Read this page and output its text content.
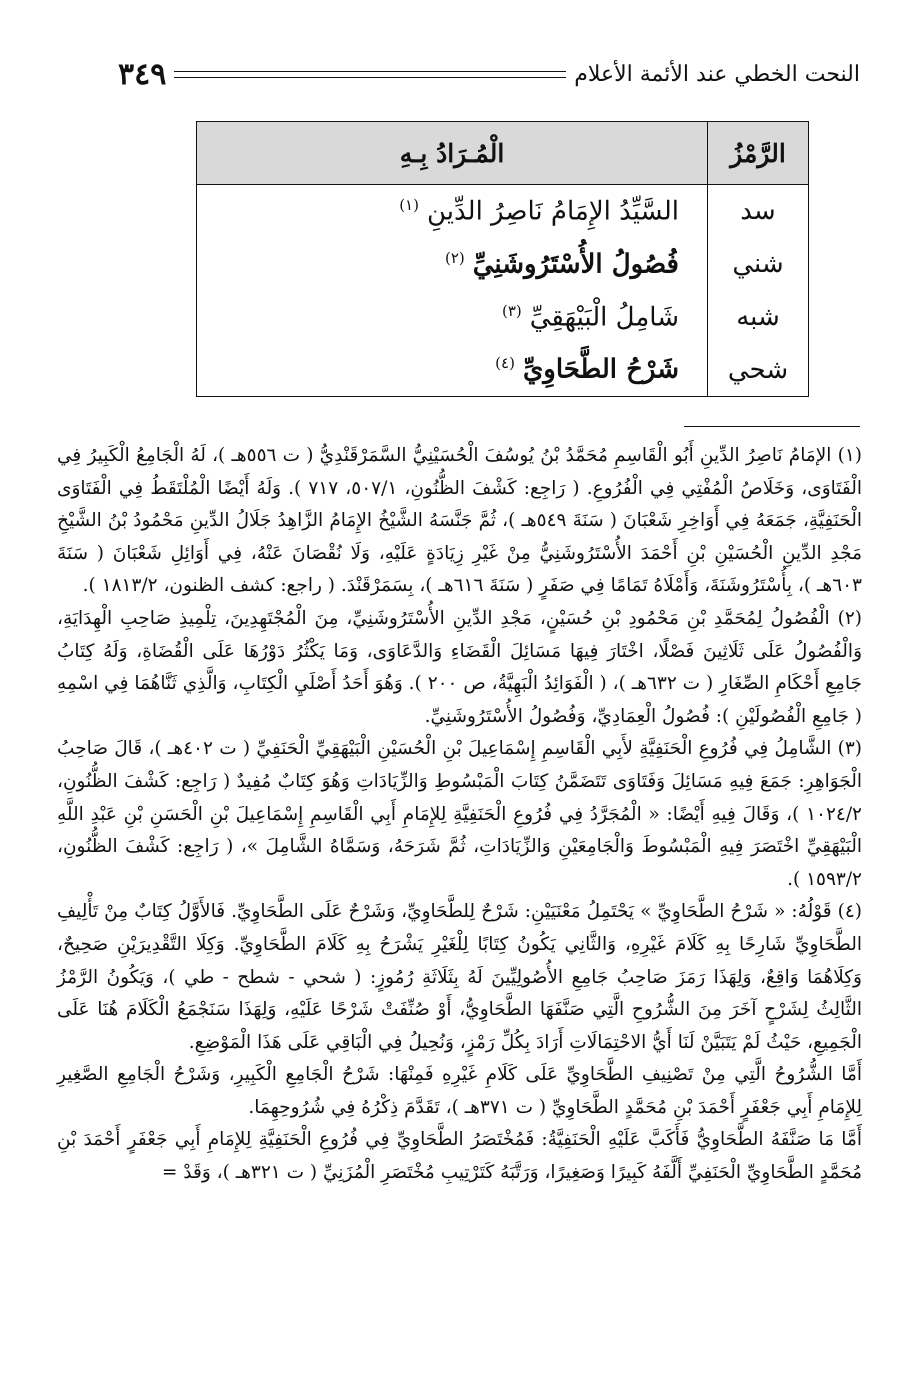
النحت الخطي عند الأئمة الأعلام
٣٤٩
الرَّمْزُ	الْمُـرَادُ بِـهِ
سد	السَّيِّدُ الإِمَامُ نَاصِرُ الدِّينِ$^{(١)}$
شني	فُصُولُ الأُسْتَرُوشَنِيِّ$^{(٢)}$
شبه	شَامِلُ الْبَيْهَقِيِّ$^{(٣)}$
شحي	شَرْحُ الطَّحَاوِيِّ$^{(٤)}$

(١) الإمَامُ نَاصِرُ الدِّينِ أَبُو الْقَاسِمِ مُحَمَّدُ بْنُ يُوسُفَ الْحُسَيْنِيُّ السَّمَرْقَنْدِيُّ ( ت ٥٥٦هـ )، لَهُ الْجَامِعُ الْكَبِيرُ فِي الْفَتَاوَى، وَخَلَاصُ الْمُفْتِي فِي الْفُرُوعِ. ( رَاجِع: كَشْفَ الظُّنُونِ، ٥٠٧/١، ٧١٧ ). وَلَهُ أَيْضًا الْمُلْتَقَطُ فِي الْفَتَاوَى الْحَنَفِيَّةِ، جَمَعَهُ فِي أَوَاخِرِ شَعْبَانَ ( سَنَةَ ٥٤٩هـ )، ثُمَّ جَنَّسَهُ الشَّيْخُ الإِمَامُ الزَّاهِدُ جَلَالُ الدِّينِ مَحْمُودُ بْنُ الشَّيْخِ مَجْدِ الدِّينِ الْحُسَيْنِ بْنِ أَحْمَدَ الأُسْتَرُوشَنِيُّ مِنْ غَيْرِ زِيَادَةٍ عَلَيْهِ، وَلَا نُقْصَانَ عَنْهُ، فِي أَوَائِلِ شَعْبَانَ ( سَنَةَ ٦٠٣هـ )، بِأُسْتَرُوشَنَةَ، وَأَمْلَاهُ تَمَامًا فِي صَفَرٍ ( سَنَةَ ٦١٦هـ )، بِسَمَرْقَنْدَ. ( راجع: كشف الظنون، ١٨١٣/٢ ).

(٢) الْفُصُولُ لِمُحَمَّدِ بْنِ مَحْمُودِ بْنِ حُسَيْنٍ، مَجْدِ الدِّينِ الأُسْتَرُوشَنِيِّ، مِنَ الْمُجْتَهِدِينَ، تِلْمِيذِ صَاحِبِ الْهِدَايَةِ، وَالْفُصُولُ عَلَى ثَلَاثِينَ فَصْلًا، اخْتَارَ فِيهَا مَسَائِلَ الْقَضَاءِ وَالدَّعَاوَى، وَمَا يَكْثُرُ دَوْرُهَا عَلَى الْقُضَاةِ، وَلَهُ كِتَابُ جَامِعِ أَحْكَامِ الصِّغَارِ ( ت ٦٣٢هـ )، ( الْفَوَائِدُ الْبَهِيَّةُ، ص ٢٠٠ ). وَهُوَ أَحَدُ أَصْلَيِ الْكِتَابِ، وَالَّذِي ثَنَّاهُمَا فِي اسْمِهِ ( جَامِعِ الْفُصُولَيْنِ ): فُصُولُ الْعِمَادِيِّ، وَفُصُولُ الأُسْتَرُوشَنِيِّ.

(٣) الشَّامِلُ فِي فُرُوعِ الْحَنَفِيَّةِ لأَبِي الْقَاسِمِ إِسْمَاعِيلَ بْنِ الْحُسَيْنِ الْبَيْهَقِيِّ الْحَنَفِيِّ ( ت ٤٠٢هـ )، قَالَ صَاحِبُ الْجَوَاهِرِ: جَمَعَ فِيهِ مَسَائِلَ وَفَتَاوَى تَتَضَمَّنُ كِتَابَ الْمَبْسُوطِ وَالزِّيَادَاتِ وَهُوَ كِتَابٌ مُفِيدٌ ( رَاجِع: كَشْفَ الظُّنُونِ، ١٠٢٤/٢ )، وَقَالَ فِيهِ أَيْضًا: « الْمُجَرَّدُ فِي فُرُوعِ الْحَنَفِيَّةِ لِلإِمَامِ أَبِي الْقَاسِمِ إِسْمَاعِيلَ بْنِ الْحَسَنِ بْنِ عَبْدِ اللَّهِ الْبَيْهَقِيِّ اخْتَصَرَ فِيهِ الْمَبْسُوطَ وَالْجَامِعَيْنِ وَالزِّيَادَاتِ، ثُمَّ شَرَحَهُ، وَسَمَّاهُ الشَّامِلَ »، ( رَاجِع: كَشْفَ الظُّنُونِ، ١٥٩٣/٢ ).

(٤) قَوْلُهُ: « شَرْحُ الطَّحَاوِيِّ » يَحْتَمِلُ مَعْنَيَيْنِ: شَرْحٌ لِلطَّحَاوِيِّ، وَشَرْحٌ عَلَى الطَّحَاوِيِّ. فَالأَوَّلُ كِتَابٌ مِنْ تَأْلِيفِ الطَّحَاوِيِّ شَارِحًا بِهِ كَلَامَ غَيْرِهِ، وَالثَّانِي يَكُونُ كِتَابًا لِلْغَيْرِ يَشْرَحُ بِهِ كَلَامَ الطَّحَاوِيِّ. وَكِلَا التَّقْدِيرَيْنِ صَحِيحٌ، وَكِلَاهُمَا وَاقِعٌ، وَلِهَذَا رَمَزَ صَاحِبُ جَامِعِ الأُصُولِيِّينَ لَهُ بِثَلَاثَةِ رُمُوزٍ: ( شحي - شطح - طي )، وَيَكُونُ الرَّمْزُ الثَّالِثُ لِشَرْحٍ آخَرَ مِنَ الشُّرُوحِ الَّتِي صَنَّفَهَا الطَّحَاوِيُّ، أَوْ صُنِّفَتْ شَرْحًا عَلَيْهِ، وَلِهَذَا سَنَجْمَعُ الْكَلَامَ هُنَا عَلَى الْجَمِيعِ، حَيْثُ لَمْ يَتَبَيَّنْ لَنَا أَيُّ الاحْتِمَالَاتِ أَرَادَ بِكُلِّ رَمْزٍ، وَنُحِيلُ فِي الْبَاقِي عَلَى هَذَا الْمَوْضِعِ.

أَمَّا الشُّرُوحُ الَّتِي مِنْ تَصْنِيفِ الطَّحَاوِيِّ عَلَى كَلَامِ غَيْرِهِ فَمِنْهَا: شَرْحُ الْجَامِعِ الْكَبِيرِ، وَشَرْحُ الْجَامِعِ الصَّغِيرِ لِلإِمَامِ أَبِي جَعْفَرٍ أَحْمَدَ بْنِ مُحَمَّدٍ الطَّحَاوِيِّ ( ت ٣٧١هـ )، تَقَدَّمَ ذِكْرُهُ فِي شُرُوحِهِمَا.

أَمَّا مَا صَنَّفَهُ الطَّحَاوِيُّ فَأَكَبَّ عَلَيْهِ الْحَنَفِيَّةُ: فَمُخْتَصَرُ الطَّحَاوِيِّ فِي فُرُوعِ الْحَنَفِيَّةِ لِلإِمَامِ أَبِي جَعْفَرٍ أَحْمَدَ بْنِ مُحَمَّدٍ الطَّحَاوِيِّ الْحَنَفِيِّ أَلَّفَهُ كَبِيرًا وَصَغِيرًا، وَرَتَّبَهُ كَتَرْتِيبِ مُخْتَصَرِ الْمُزَنِيِّ ( ت ٣٢١هـ )، وَقَدْ =
